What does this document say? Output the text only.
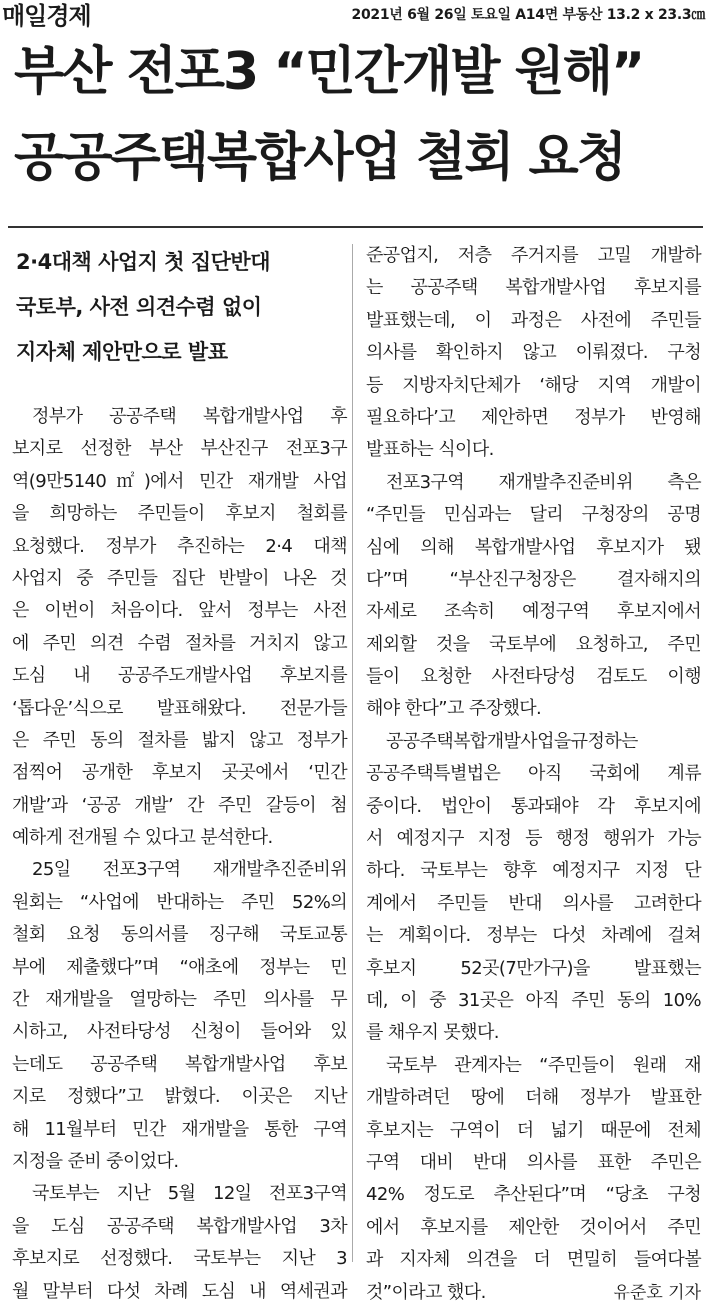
매일경제	2021년 6월 26일 토요일 A14면 부동산 13.2 x 23.3㎝
부산 전포3 “민간개발 원해”
공공주택복합사업 철회 요청
2·4대책 사업지 첫 집단반대
국토부, 사전 의견수렴 없이
지자체 제안만으로 발표
정부가 공공주택 복합개발사업 후
보지로 선정한 부산 부산진구 전포3구
역(9만5140㎡)에서 민간 재개발 사업
을 희망하는 주민들이 후보지 철회를
요청했다. 정부가 추진하는 2·4 대책
사업지 중 주민들 집단 반발이 나온 것
은 이번이 처음이다. 앞서 정부는 사전
에 주민 의견 수렴 절차를 거치지 않고
도심 내 공공주도개발사업 후보지를
‘톱다운’식으로 발표해왔다. 전문가들
은 주민 동의 절차를 밟지 않고 정부가
점찍어 공개한 후보지 곳곳에서 ‘민간
개발’과 ‘공공 개발’ 간 주민 갈등이 첨
예하게 전개될 수 있다고 분석한다.
25일 전포3구역 재개발추진준비위
원회는 “사업에 반대하는 주민 52%의
철회 요청 동의서를 징구해 국토교통
부에 제출했다”며 “애초에 정부는 민
간 재개발을 열망하는 주민 의사를 무
시하고, 사전타당성 신청이 들어와 있
는데도 공공주택 복합개발사업 후보
지로 정했다”고 밝혔다. 이곳은 지난
해 11월부터 민간 재개발을 통한 구역
지정을 준비 중이었다.
국토부는 지난 5월 12일 전포3구역
을 도심 공공주택 복합개발사업 3차
후보지로 선정했다. 국토부는 지난 3
월 말부터 다섯 차례 도심 내 역세권과
준공업지, 저층 주거지를 고밀 개발하
는 공공주택 복합개발사업 후보지를
발표했는데, 이 과정은 사전에 주민들
의사를 확인하지 않고 이뤄졌다. 구청
등 지방자치단체가 ‘해당 지역 개발이
필요하다’고 제안하면 정부가 반영해
발표하는 식이다.
전포3구역 재개발추진준비위 측은
“주민들 민심과는 달리 구청장의 공명
심에 의해 복합개발사업 후보지가 됐
다”며 “부산진구청장은 결자해지의
자세로 조속히 예정구역 후보지에서
제외할 것을 국토부에 요청하고, 주민
들이 요청한 사전타당성 검토도 이행
해야 한다”고 주장했다.
공공주택복합개발사업을규정하는
공공주택특별법은 아직 국회에 계류
중이다. 법안이 통과돼야 각 후보지에
서 예정지구 지정 등 행정 행위가 가능
하다. 국토부는 향후 예정지구 지정 단
계에서 주민들 반대 의사를 고려한다
는 계획이다. 정부는 다섯 차례에 걸쳐
후보지 52곳(7만가구)을 발표했는
데, 이 중 31곳은 아직 주민 동의 10%
를 채우지 못했다.
국토부 관계자는 “주민들이 원래 재
개발하려던 땅에 더해 정부가 발표한
후보지는 구역이 더 넓기 때문에 전체
구역 대비 반대 의사를 표한 주민은
42% 정도로 추산된다”며 “당초 구청
에서 후보지를 제안한 것이어서 주민
과 지자체 의견을 더 면밀히 들여다볼
것”이라고 했다.	유준호 기자
